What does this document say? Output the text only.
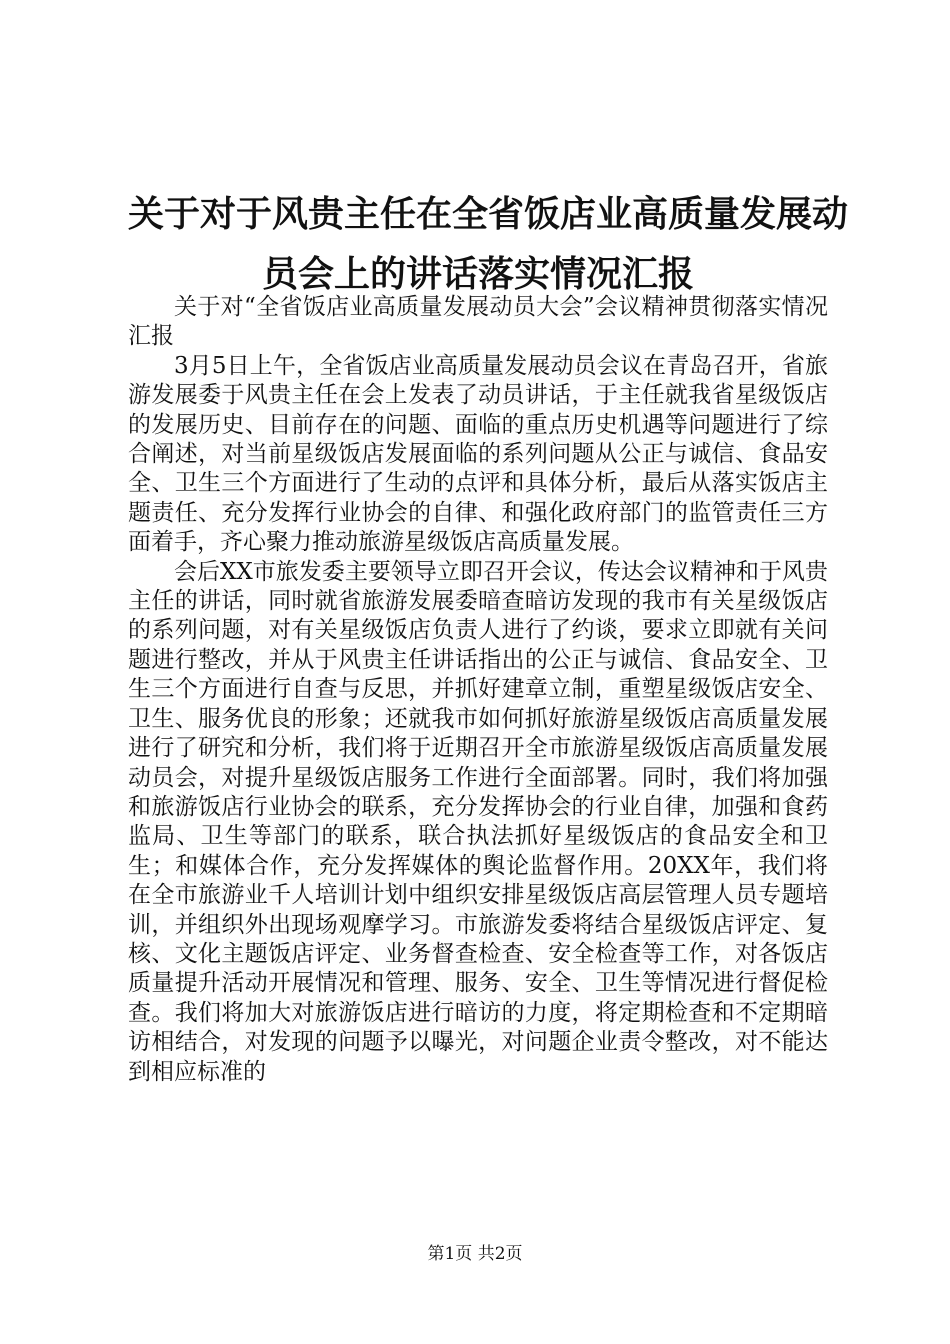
关于对于风贵主任在全省饭店业高质量发展动
员会上的讲话落实情况汇报

关于对“全省饭店业高质量发展动员大会”会议精神贯彻落实情况汇报

3月5日上午，全省饭店业高质量发展动员会议在青岛召开，省旅游发展委于风贵主任在会上发表了动员讲话，于主任就我省星级饭店的发展历史、目前存在的问题、面临的重点历史机遇等问题进行了综合阐述，对当前星级饭店发展面临的系列问题从公正与诚信、食品安全、卫生三个方面进行了生动的点评和具体分析，最后从落实饭店主题责任、充分发挥行业协会的自律、和强化政府部门的监管责任三方面着手，齐心聚力推动旅游星级饭店高质量发展。

会后XX市旅发委主要领导立即召开会议，传达会议精神和于风贵主任的讲话，同时就省旅游发展委暗查暗访发现的我市有关星级饭店的系列问题，对有关星级饭店负责人进行了约谈，要求立即就有关问题进行整改，并从于风贵主任讲话指出的公正与诚信、食品安全、卫生三个方面进行自查与反思，并抓好建章立制，重塑星级饭店安全、卫生、服务优良的形象；还就我市如何抓好旅游星级饭店高质量发展进行了研究和分析，我们将于近期召开全市旅游星级饭店高质量发展动员会，对提升星级饭店服务工作进行全面部署。同时，我们将加强和旅游饭店行业协会的联系，充分发挥协会的行业自律，加强和食药监局、卫生等部门的联系，联合执法抓好星级饭店的食品安全和卫生；和媒体合作，充分发挥媒体的舆论监督作用。20XX年，我们将在全市旅游业千人培训计划中组织安排星级饭店高层管理人员专题培训，并组织外出现场观摩学习。市旅游发委将结合星级饭店评定、复核、文化主题饭店评定、业务督查检查、安全检查等工作，对各饭店质量提升活动开展情况和管理、服务、安全、卫生等情况进行督促检查。我们将加大对旅游饭店进行暗访的力度，将定期检查和不定期暗访相结合，对发现的问题予以曝光，对问题企业责令整改，对不能达到相应标准的

第1页 共2页
